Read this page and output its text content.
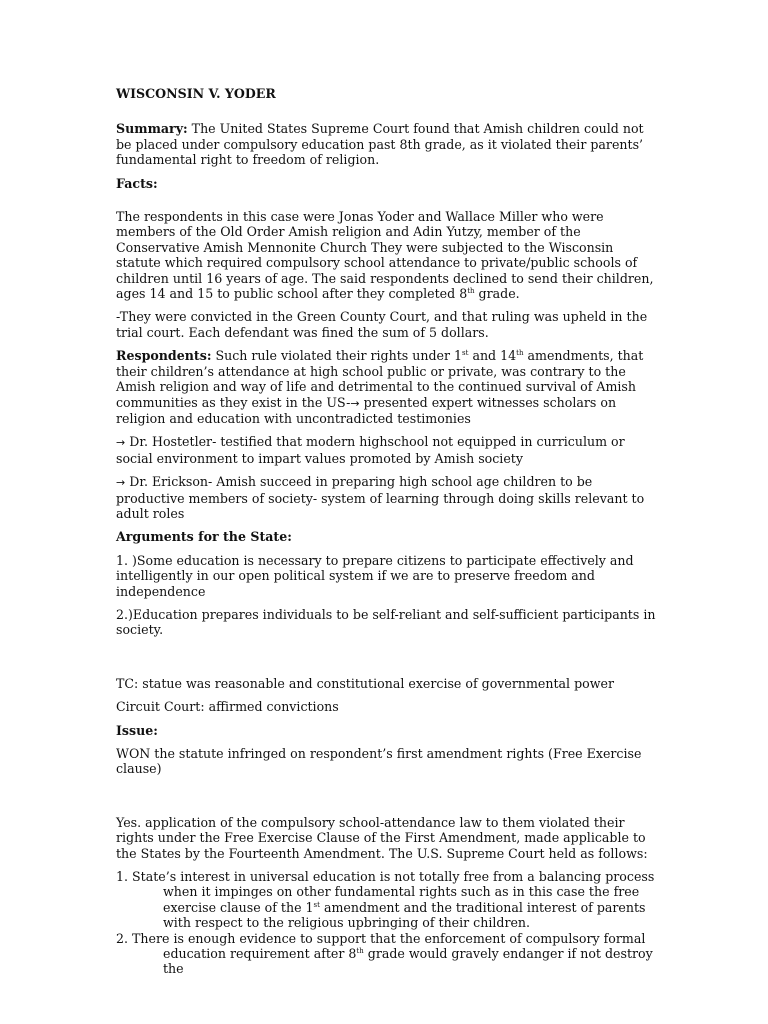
WISCONSIN V. YODER

Summary: The United States Supreme Court found that Amish children could not be placed under compulsory education past 8th grade, as it violated their parents’ fundamental right to freedom of religion.

Facts:

The respondents in this case were Jonas Yoder and Wallace Miller who were members of the Old Order Amish religion and Adin Yutzy, member of the Conservative Amish Mennonite Church They were subjected to the Wisconsin statute which required compulsory school attendance to private/public schools of children until 16 years of age. The said respondents declined to send their children, ages 14 and 15 to public school after they completed 8th grade.

-They were convicted in the Green County Court, and that ruling was upheld in the trial court. Each defendant was fined the sum of 5 dollars.

Respondents: Such rule violated their rights under 1st and 14th amendments, that their children’s attendance at high school public or private, was contrary to the Amish religion and way of life and detrimental to the continued survival of Amish communities as they exist in the US-→ presented expert witnesses scholars on religion and education with uncontradicted testimonies

→ Dr. Hostetler- testified that modern highschool not equipped in curriculum or social environment to impart values promoted by Amish society

→ Dr. Erickson- Amish succeed in preparing high school age children to be productive members of society- system of learning through doing skills relevant to adult roles

Arguments for the State:

1. )Some education is necessary to prepare citizens to participate effectively and intelligently in our open political system if we are to preserve freedom and independence

2.)Education prepares individuals to be self-reliant and self-sufficient participants in society.

TC: statue was reasonable and constitutional exercise of governmental power

Circuit Court: affirmed convictions

Issue:

WON the statute infringed on respondent’s first amendment rights (Free Exercise clause)

Yes. application of the compulsory school-attendance law to them violated their rights under the Free Exercise Clause of the First Amendment, made applicable to the States by the Fourteenth Amendment. The U.S. Supreme Court held as follows:

1. State’s interest in universal education is not totally free from a balancing process when it impinges on other fundamental rights such as in this case the free exercise clause of the 1st amendment and the traditional interest of parents with respect to the religious upbringing of their children.

2. There is enough evidence to support that the enforcement of compulsory formal education requirement after 8th grade would gravely endanger if not destroy the
